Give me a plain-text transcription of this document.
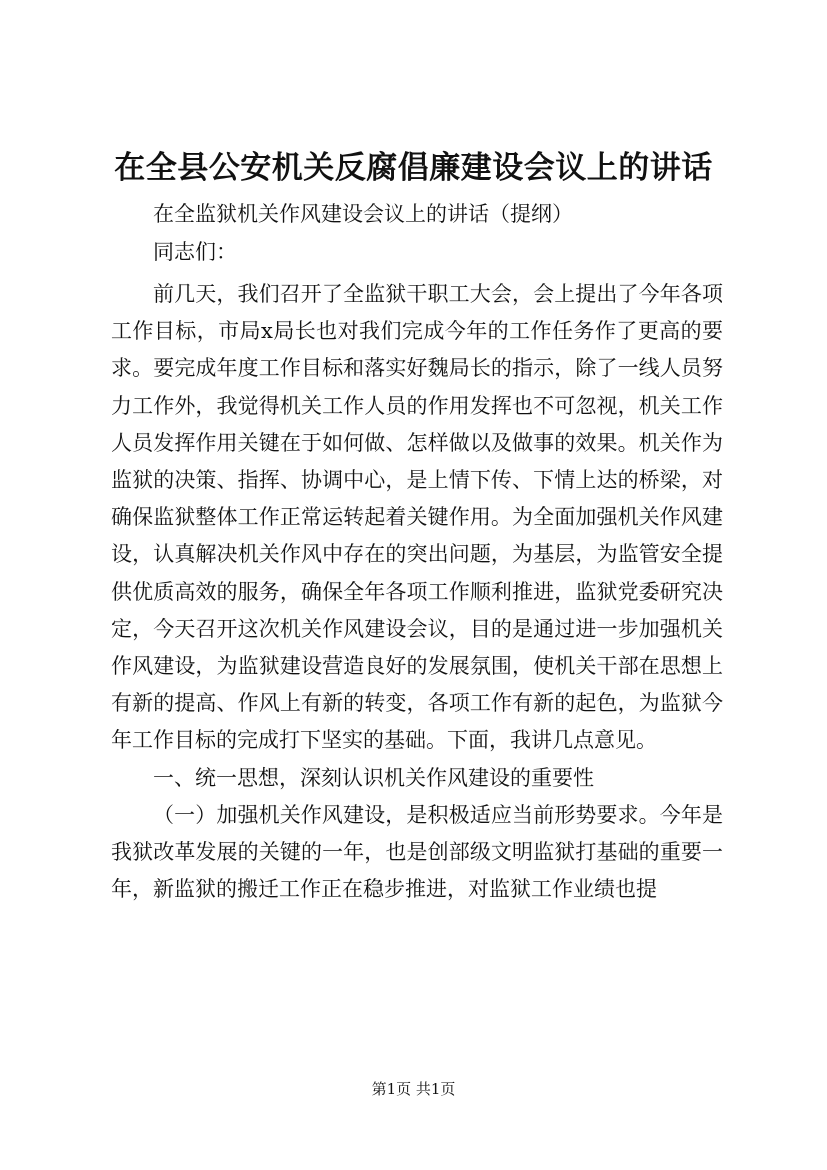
在全县公安机关反腐倡廉建设会议上的讲话

在全监狱机关作风建设会议上的讲话（提纲）

同志们：

前几天，我们召开了全监狱干职工大会，会上提出了今年各项工作目标，市局x局长也对我们完成今年的工作任务作了更高的要求。要完成年度工作目标和落实好魏局长的指示，除了一线人员努力工作外，我觉得机关工作人员的作用发挥也不可忽视，机关工作人员发挥作用关键在于如何做、怎样做以及做事的效果。机关作为监狱的决策、指挥、协调中心，是上情下传、下情上达的桥梁，对确保监狱整体工作正常运转起着关键作用。为全面加强机关作风建设，认真解决机关作风中存在的突出问题，为基层，为监管安全提供优质高效的服务，确保全年各项工作顺利推进，监狱党委研究决定，今天召开这次机关作风建设会议，目的是通过进一步加强机关作风建设，为监狱建设营造良好的发展氛围，使机关干部在思想上有新的提高、作风上有新的转变，各项工作有新的起色，为监狱今年工作目标的完成打下坚实的基础。下面，我讲几点意见。

一、统一思想，深刻认识机关作风建设的重要性

（一）加强机关作风建设，是积极适应当前形势要求。今年是我狱改革发展的关键的一年，也是创部级文明监狱打基础的重要一年，新监狱的搬迁工作正在稳步推进，对监狱工作业绩也提

第1页 共1页
